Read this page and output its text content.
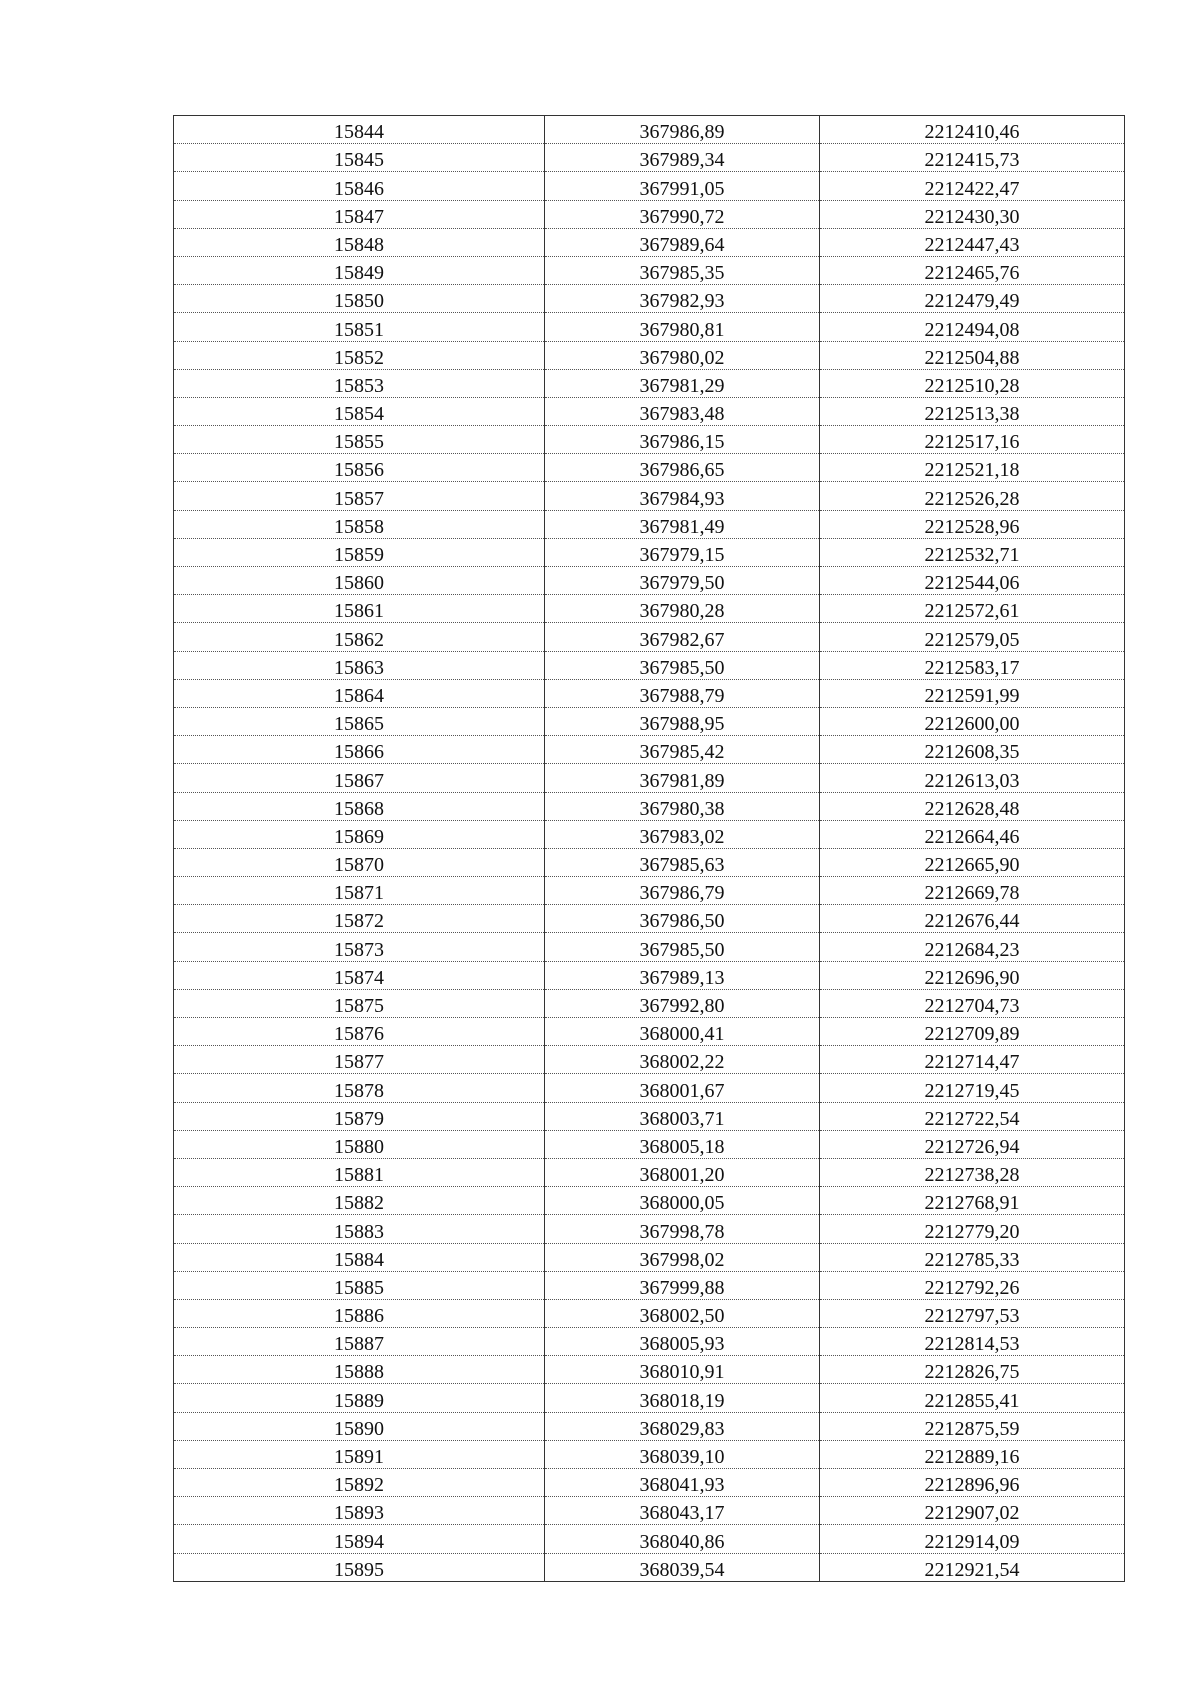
15844	367986,89	2212410,46
15845	367989,34	2212415,73
15846	367991,05	2212422,47
15847	367990,72	2212430,30
15848	367989,64	2212447,43
15849	367985,35	2212465,76
15850	367982,93	2212479,49
15851	367980,81	2212494,08
15852	367980,02	2212504,88
15853	367981,29	2212510,28
15854	367983,48	2212513,38
15855	367986,15	2212517,16
15856	367986,65	2212521,18
15857	367984,93	2212526,28
15858	367981,49	2212528,96
15859	367979,15	2212532,71
15860	367979,50	2212544,06
15861	367980,28	2212572,61
15862	367982,67	2212579,05
15863	367985,50	2212583,17
15864	367988,79	2212591,99
15865	367988,95	2212600,00
15866	367985,42	2212608,35
15867	367981,89	2212613,03
15868	367980,38	2212628,48
15869	367983,02	2212664,46
15870	367985,63	2212665,90
15871	367986,79	2212669,78
15872	367986,50	2212676,44
15873	367985,50	2212684,23
15874	367989,13	2212696,90
15875	367992,80	2212704,73
15876	368000,41	2212709,89
15877	368002,22	2212714,47
15878	368001,67	2212719,45
15879	368003,71	2212722,54
15880	368005,18	2212726,94
15881	368001,20	2212738,28
15882	368000,05	2212768,91
15883	367998,78	2212779,20
15884	367998,02	2212785,33
15885	367999,88	2212792,26
15886	368002,50	2212797,53
15887	368005,93	2212814,53
15888	368010,91	2212826,75
15889	368018,19	2212855,41
15890	368029,83	2212875,59
15891	368039,10	2212889,16
15892	368041,93	2212896,96
15893	368043,17	2212907,02
15894	368040,86	2212914,09
15895	368039,54	2212921,54
